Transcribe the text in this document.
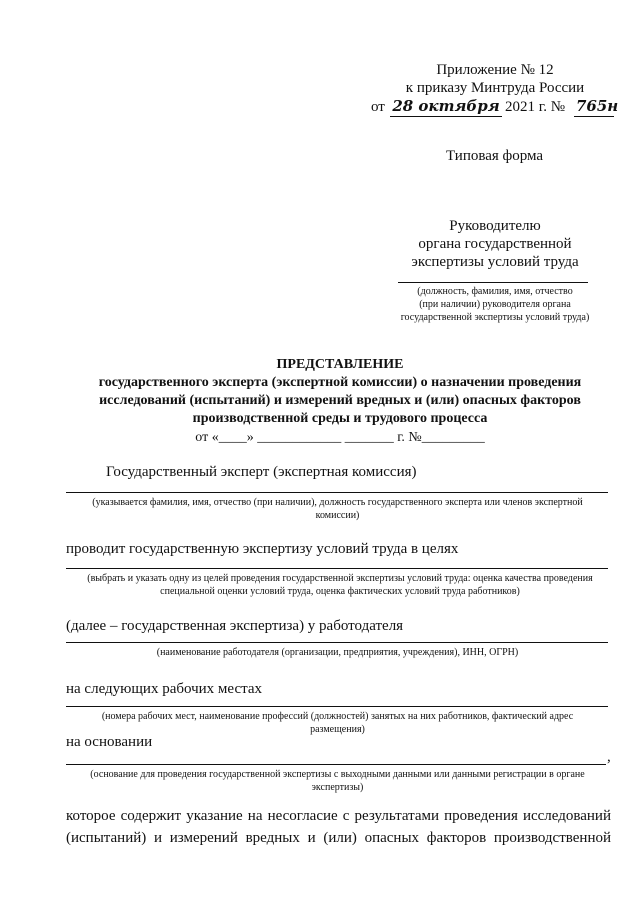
Приложение № 12
к приказу Минтруда России
от 28 октября 2021 г. № 765н
Типовая форма
Руководителю
органа государственной
экспертизы условий труда
(должность, фамилия, имя, отчество
(при наличии) руководителя органа
государственной экспертизы условий труда)
ПРЕДСТАВЛЕНИЕ
государственного эксперта (экспертной комиссии) о назначении проведения
исследований (испытаний) и измерений вредных и (или) опасных факторов
производственной среды и трудового процесса
от «____» ____________ _______ г. №_________
Государственный эксперт (экспертная комиссия)
(указывается фамилия, имя, отчество (при наличии), должность государственного эксперта или членов экспертной
комиссии)
проводит государственную экспертизу условий труда в целях
(выбрать и указать одну из целей проведения государственной экспертизы условий труда: оценка качества проведения
специальной оценки условий труда, оценка фактических условий труда работников)
(далее – государственная экспертиза) у работодателя
(наименование работодателя (организации, предприятия, учреждения), ИНН, ОГРН)
на следующих рабочих местах
(номера рабочих мест, наименование профессий (должностей) занятых на них работников, фактический адрес
размещения)
на основании
,
(основание для проведения государственной экспертизы с выходными данными или данными регистрации в органе
экспертизы)
которое содержит указание на несогласие с результатами проведения исследований
(испытаний) и измерений вредных и (или) опасных факторов производственной
